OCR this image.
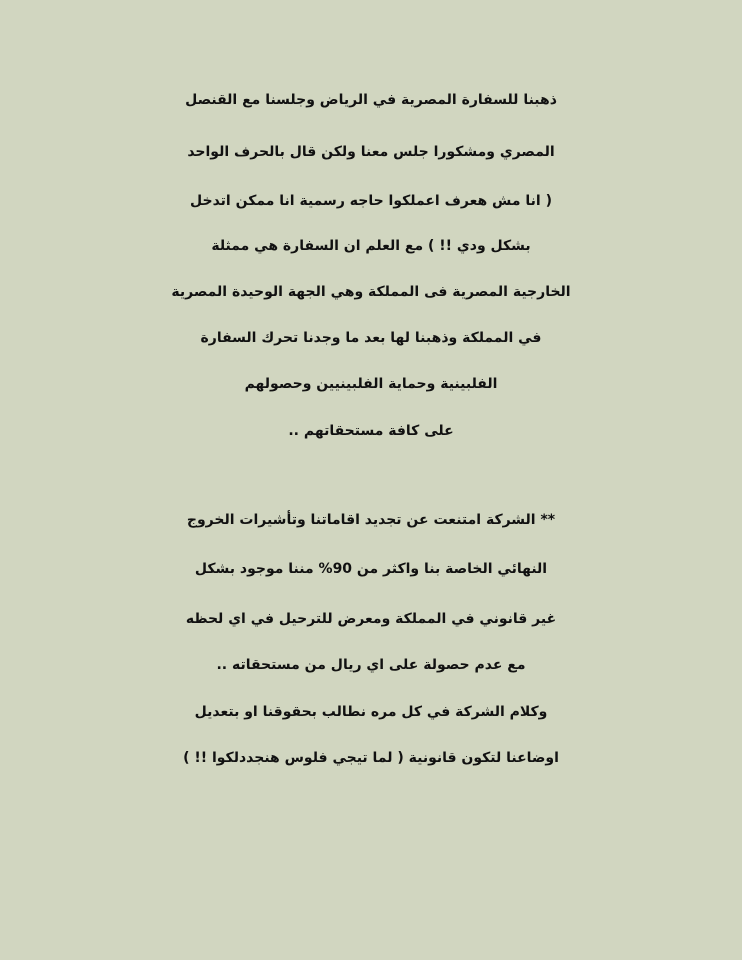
ذهبنا للسفارة المصرية في الرياض وجلسنا مع القنصل
المصري ومشكورا جلس معنا ولكن قال بالحرف الواحد
( انا مش هعرف اعملكوا حاجه رسمية انا ممكن اتدخل
بشكل ودي !! ) مع العلم ان السفارة هي ممثلة
الخارجية المصرية فى المملكة وهي الجهة الوحيدة المصرية
في المملكة وذهبنا لها بعد ما وجدنا تحرك السفارة
الفلبينية وحماية الفلبينيين وحصولهم
على كافة مستحقاتهم ..
** الشركة امتنعت عن تجديد اقاماتنا وتأشيرات الخروج
النهائي الخاصة بنا واكثر من 90% مننا موجود بشكل
غير قانوني في المملكة ومعرض للترحيل في اي لحظه
مع عدم حصولة على اي ريال من مستحقاته ..
وكلام الشركة في كل مره نطالب بحقوقنا او بتعديل
اوضاعنا لتكون قانونية ( لما تيجي فلوس هنجددلكوا !! )
